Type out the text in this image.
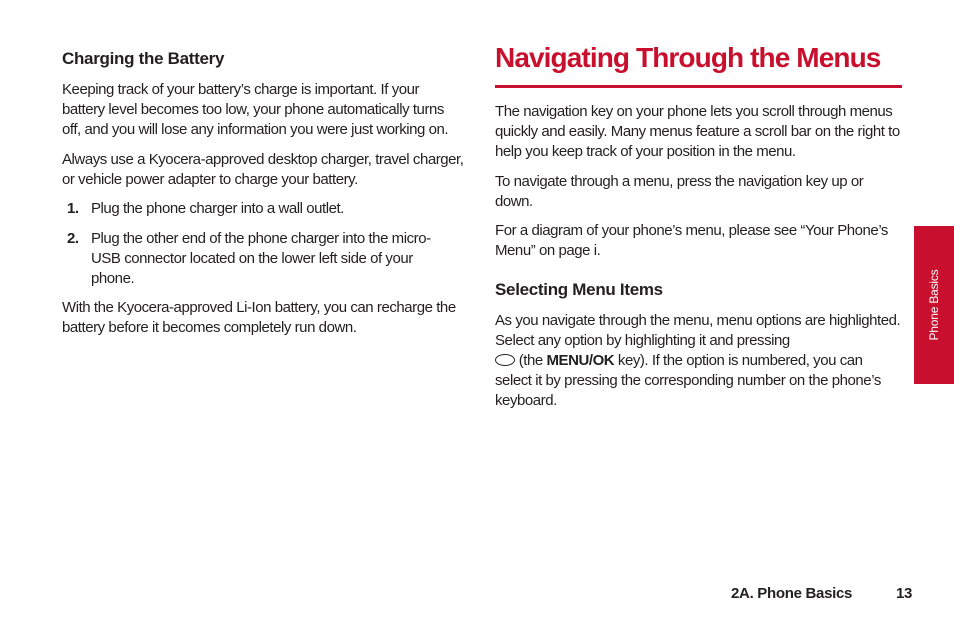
Charging the Battery

Keeping track of your battery’s charge is important. If your battery level becomes too low, your phone automatically turns off, and you will lose any information you were just working on.

Always use a Kyocera-approved desktop charger, travel charger, or vehicle power adapter to charge your battery.

1. Plug the phone charger into a wall outlet.
2. Plug the other end of the phone charger into the micro-USB connector located on the lower left side of your phone.

With the Kyocera-approved Li-Ion battery, you can recharge the battery before it becomes completely run down.

Navigating Through the Menus

The navigation key on your phone lets you scroll through menus quickly and easily. Many menus feature a scroll bar on the right to help you keep track of your position in the menu.

To navigate through a menu, press the navigation key up or down.

For a diagram of your phone’s menu, please see “Your Phone’s Menu” on page i.

Selecting Menu Items

As you navigate through the menu, menu options are highlighted. Select any option by highlighting it and pressing
(the MENU/OK key). If the option is numbered, you can select it by pressing the corresponding number on the phone’s keyboard.

Phone Basics
2A. Phone Basics	13
